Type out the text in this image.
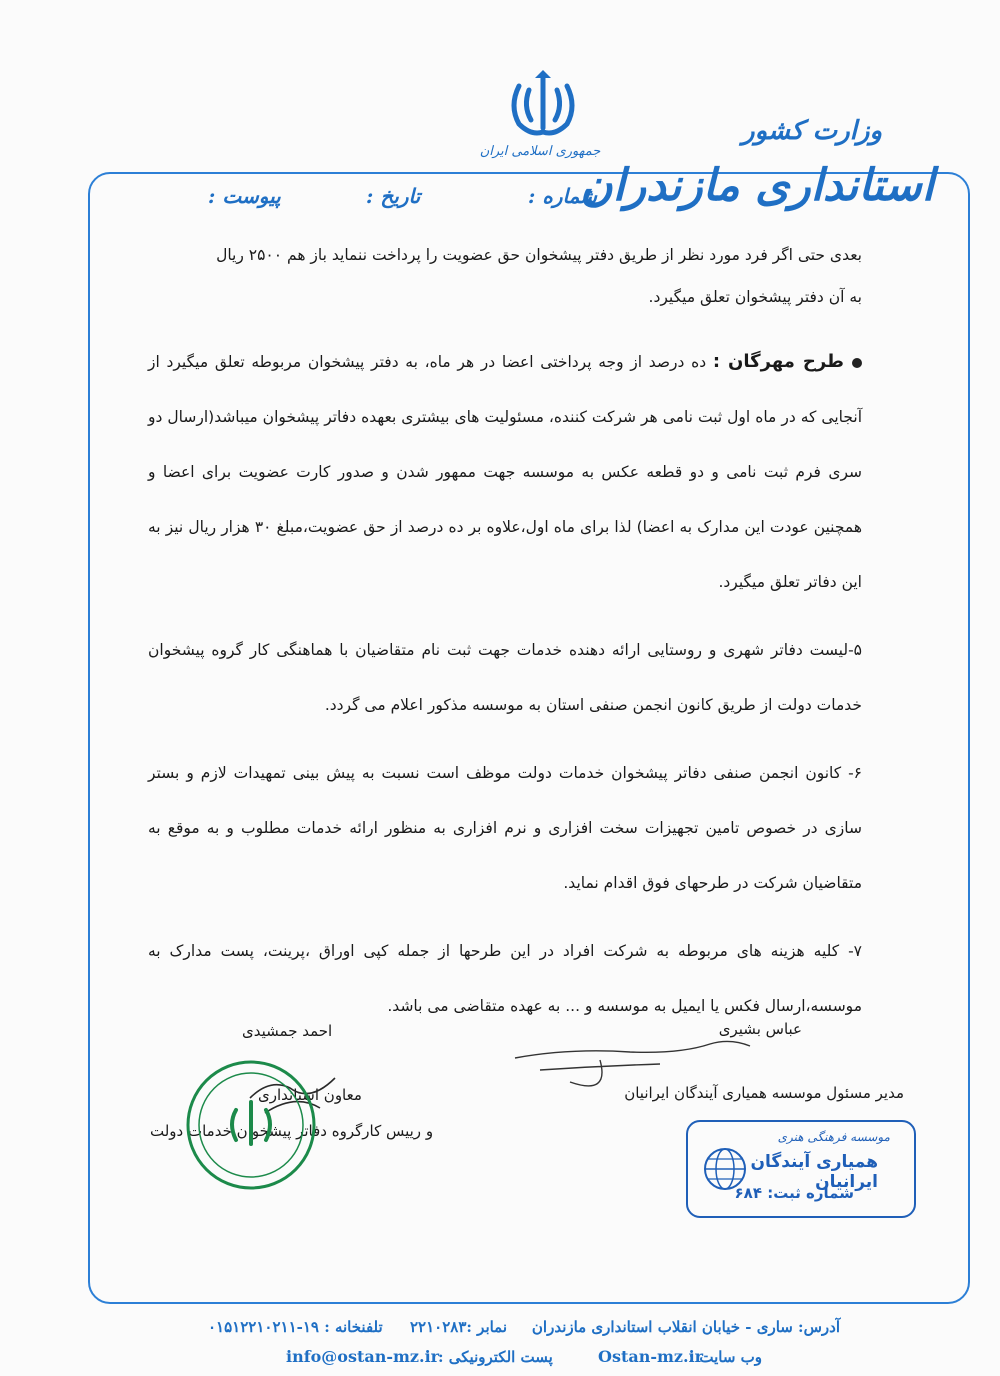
جمهوری اسلامی ایران
وزارت کشور
استانداری مازندران
شماره :
تاریخ :
پیوست :

بعدی حتی اگر فرد مورد نظر از طریق دفتر پیشخوان حق عضویت را پرداخت ننماید باز هم ۲۵۰۰ ریال

به آن دفتر پیشخوان تعلق میگیرد.

طرح مهرگان : ده درصد از وجه پرداختی اعضا در هر ماه، به دفتر پیشخوان مربوطه تعلق میگیرد از آنجایی که در ماه اول ثبت نامی هر شرکت کننده، مسئولیت های بیشتری بعهده دفاتر پیشخوان میباشد(ارسال دو سری فرم ثبت نامی و دو قطعه عکس به موسسه جهت ممهور شدن و صدور کارت عضویت برای اعضا و همچنین عودت این مدارک به اعضا) لذا برای ماه اول،علاوه بر ده درصد از حق عضویت،مبلغ ۳۰ هزار ریال نیز به این دفاتر تعلق میگیرد.

۵-لیست دفاتر شهری و روستایی ارائه دهنده خدمات جهت ثبت نام متقاضیان با هماهنگی کار گروه پیشخوان خدمات دولت از طریق کانون انجمن صنفی استان به موسسه مذکور اعلام می گردد.

۶- کانون انجمن صنفی دفاتر پیشخوان خدمات دولت موظف است نسبت به پیش بینی تمهیدات لازم و بستر سازی در خصوص تامین تجهیزات سخت افزاری و نرم افزاری به منظور ارائه خدمات مطلوب و به موقع به متقاضیان شرکت در طرحهای فوق اقدام نماید.

۷- کلیه هزینه های مربوطه به شرکت افراد در این طرحها از جمله کپی اوراق ،پرینت، پست مدارک به موسسه،ارسال فکس یا ایمیل به موسسه و ... به عهده متقاضی می باشد.

عباس بشیری
مدیر مسئول موسسه همیاری آیندگان ایرانیان
احمد جمشیدی
معاون استانداری
و رییس کارگروه دفاتر پیشخوان خدمات دولت	موسسه فرهنگی هنری
همیاری آیندگان ایرانیان
شماره ثبت: ۶۸۴
آدرس: ساری - خیابان انقلاب استانداری مازندران
نمابر :۲۲۱۰۲۸۳
تلفنخانه : ۱۹-۰۱۵۱۲۲۱۰۲۱۱
وب سایت :
Ostan-mz.ir
پست الکترونیکی :
info@ostan-mz.ir
